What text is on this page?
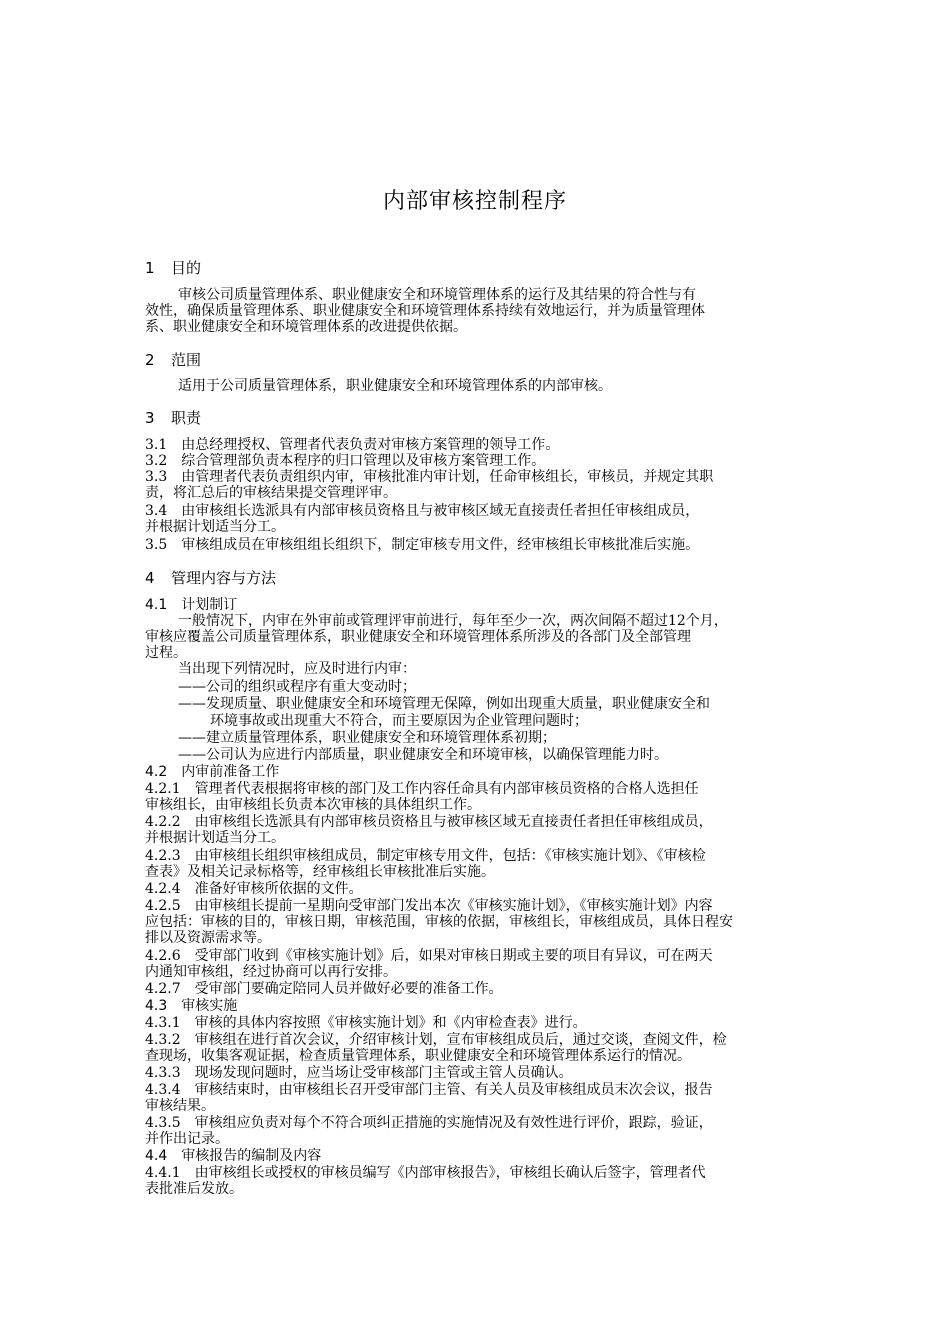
内部审核控制程序
1 目的
审核公司质量管理体系、职业健康安全和环境管理体系的运行及其结果的符合性与有
效性，确保质量管理体系、职业健康安全和环境管理体系持续有效地运行，并为质量管理体
系、职业健康安全和环境管理体系的改进提供依据。
2 范围
适用于公司质量管理体系，职业健康安全和环境管理体系的内部审核。
3 职责
3.1　由总经理授权、管理者代表负责对审核方案管理的领导工作。
3.2　综合管理部负责本程序的归口管理以及审核方案管理工作。
3.3　由管理者代表负责组织内审，审核批准内审计划，任命审核组长，审核员，并规定其职
责，将汇总后的审核结果提交管理评审。
3.4　由审核组长选派具有内部审核员资格且与被审核区域无直接责任者担任审核组成员，
并根据计划适当分工。
3.5　审核组成员在审核组组长组织下，制定审核专用文件，经审核组长审核批准后实施。
4 管理内容与方法
4.1　计划制订
一般情况下，内审在外审前或管理评审前进行，每年至少一次，两次间隔不超过12个月，
审核应覆盖公司质量管理体系，职业健康安全和环境管理体系所涉及的各部门及全部管理
过程。
当出现下列情况时，应及时进行内审：
——公司的组织或程序有重大变动时；
——发现质量、职业健康安全和环境管理无保障，例如出现重大质量，职业健康安全和
环境事故或出现重大不符合，而主要原因为企业管理问题时；
——建立质量管理体系，职业健康安全和环境管理体系初期；
——公司认为应进行内部质量，职业健康安全和环境审核，以确保管理能力时。
4.2　内审前准备工作
4.2.1　管理者代表根据将审核的部门及工作内容任命具有内部审核员资格的合格人选担任
审核组长，由审核组长负责本次审核的具体组织工作。
4.2.2　由审核组长选派具有内部审核员资格且与被审核区域无直接责任者担任审核组成员，
并根据计划适当分工。
4.2.3　由审核组长组织审核组成员，制定审核专用文件，包括：《审核实施计划》、《审核检
查表》及相关记录标格等，经审核组长审核批准后实施。
4.2.4　准备好审核所依据的文件。
4.2.5　由审核组长提前一星期向受审部门发出本次《审核实施计划》，《审核实施计划》内容
应包括：审核的目的，审核日期，审核范围，审核的依据，审核组长，审核组成员，具体日程安
排以及资源需求等。
4.2.6　受审部门收到《审核实施计划》后，如果对审核日期或主要的项目有异议，可在两天
内通知审核组，经过协商可以再行安排。
4.2.7　受审部门要确定陪同人员并做好必要的准备工作。
4.3　审核实施
4.3.1　审核的具体内容按照《审核实施计划》和《内审检查表》进行。
4.3.2　审核组在进行首次会议，介绍审核计划，宣布审核组成员后，通过交谈，查阅文件，检
查现场，收集客观证据，检查质量管理体系，职业健康安全和环境管理体系运行的情况。
4.3.3　现场发现问题时，应当场让受审核部门主管或主管人员确认。
4.3.4　审核结束时，由审核组长召开受审部门主管、有关人员及审核组成员末次会议，报告
审核结果。
4.3.5　审核组应负责对每个不符合项纠正措施的实施情况及有效性进行评价，跟踪，验证，
并作出记录。
4.4　审核报告的编制及内容
4.4.1　由审核组长或授权的审核员编写《内部审核报告》，审核组长确认后签字，管理者代
表批准后发放。
